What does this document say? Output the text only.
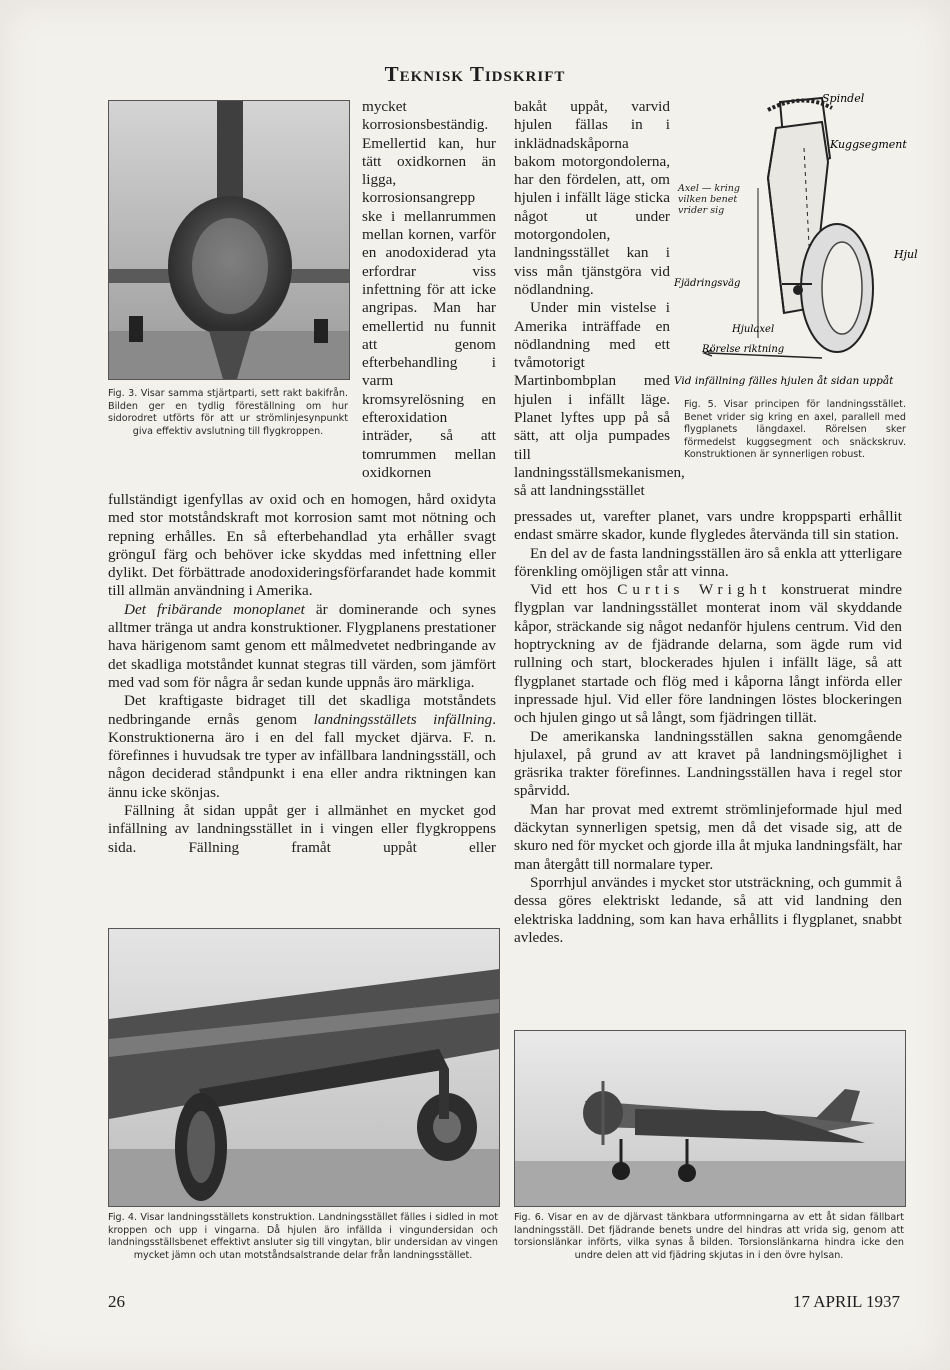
Teknisk Tidskrift
Fig. 3. Visar samma stjärtparti, sett rakt bakifrån. Bilden ger en tydlig föreställning om hur sidorodret utförts för att ur strömlinjesynpunkt giva effektiv avslutning till flygkroppen.

mycket korrosionsbeständig. Emellertid kan, hur tätt oxidkornen än ligga, korrosionsangrepp ske i mellanrummen mellan kornen, varför en anodoxiderad yta erfordrar viss infettning för att icke angripas. Man har emellertid nu funnit att genom efterbehandling i varm kromsyrelösning en efteroxidation inträder, så att tomrummen mellan oxidkornen

fullständigt igenfyllas av oxid och en homogen, hård oxidyta med stor motståndskraft mot korrosion samt mot nötning och repning erhålles. En så efterbehandlad yta erhåller svagt grönguI färg och behöver icke skyddas med infettning eller dylikt. Det förbättrade anodoxideringsförfarandet hade kommit till allmän användning i Amerika.

Det fribärande monoplanet är dominerande och synes alltmer tränga ut andra konstruktioner. Flygplanens prestationer hava härigenom samt genom ett målmedvetet nedbringande av det skadliga motståndet kunnat stegras till värden, som jämfört med vad som för några år sedan kunde uppnås äro märkliga.

Det kraftigaste bidraget till det skadliga motståndets nedbringande ernås genom landningsställets infällning. Konstruktionerna äro i en del fall mycket djärva. F. n. förefinnes i huvudsak tre typer av infällbara landningsställ, och någon deciderad ståndpunkt i ena eller andra riktningen kan ännu icke skönjas.

Fällning åt sidan uppåt ger i allmänhet en mycket god infällning av landningsstället in i vingen eller flygkroppens sida. Fällning framåt uppåt eller

bakåt uppåt, varvid hjulen fällas in i inklädnadskåporna bakom motorgondolerna, har den fördelen, att, om hjulen i infällt läge sticka något ut under motorgondolen, landningsstället kan i viss mån tjänstgöra vid nödlandning.

Under min vistelse i Amerika inträffade en nödlandning med ett tvåmotorigt Martinbombplan med hjulen i infällt läge. Planet lyftes upp på så sätt, att olja pumpades till landningsställsmekanismen, så att landningsstället

Spindel
Kuggsegment
Hjul
Fjädringsväg
Hjulaxel
Rörelse riktning
Vid infällning fälles hjulen åt sidan uppåt
Axel — kring vilken benet vrider sig
Fig. 5. Visar principen för landningsstället. Benet vrider sig kring en axel, parallell med flygplanets längdaxel. Rörelsen sker förmedelst kuggsegment och snäckskruv. Konstruktionen är synnerligen robust.

pressades ut, varefter planet, vars undre kroppsparti erhållit endast smärre skador, kunde flygledes återvända till sin station.

En del av de fasta landningsställen äro så enkla att ytterligare förenkling omöjligen står att vinna.

Vid ett hos Curtis Wright konstruerat mindre flygplan var landningsstället monterat inom väl skyddande kåpor, sträckande sig något nedanför hjulens centrum. Vid den hoptryckning av de fjädrande delarna, som ägde rum vid rullning och start, blockerades hjulen i infällt läge, så att flygplanet startade och flög med i kåporna långt införda eller inpressade hjul. Vid eller före landningen löstes blockeringen och hjulen gingo ut så långt, som fjädringen tillät.

De amerikanska landningsställen sakna genomgående hjulaxel, på grund av att kravet på landningsmöjlighet i gräsrika trakter förefinnes. Landningsställen hava i regel stor spårvidd.

Man har provat med extremt strömlinjeformade hjul med däckytan synnerligen spetsig, men då det visade sig, att de skuro ned för mycket och gjorde illa åt mjuka landningsfält, har man återgått till normalare typer.

Sporrhjul användes i mycket stor utsträckning, och gummit å dessa göres elektriskt ledande, så att vid landning den elektriska laddning, som kan hava erhållits i flygplanet, snabbt avledes.

Fig. 4. Visar landningsställets konstruktion. Landningsstället fälles i sidled in mot kroppen och upp i vingarna. Då hjulen äro infällda i vingundersidan och landningsställsbenet effektivt ansluter sig till vingytan, blir undersidan av vingen mycket jämn och utan motståndsalstrande delar från landningsstället.
Fig. 6. Visar en av de djärvast tänkbara utformningarna av ett åt sidan fällbart landningsställ. Det fjädrande benets undre del hindras att vrida sig, genom att torsionslänkar införts, vilka synas å bilden. Torsionslänkarna hindra icke den undre delen att vid fjädring skjutas in i den övre hylsan.
26	17 APRIL 1937
